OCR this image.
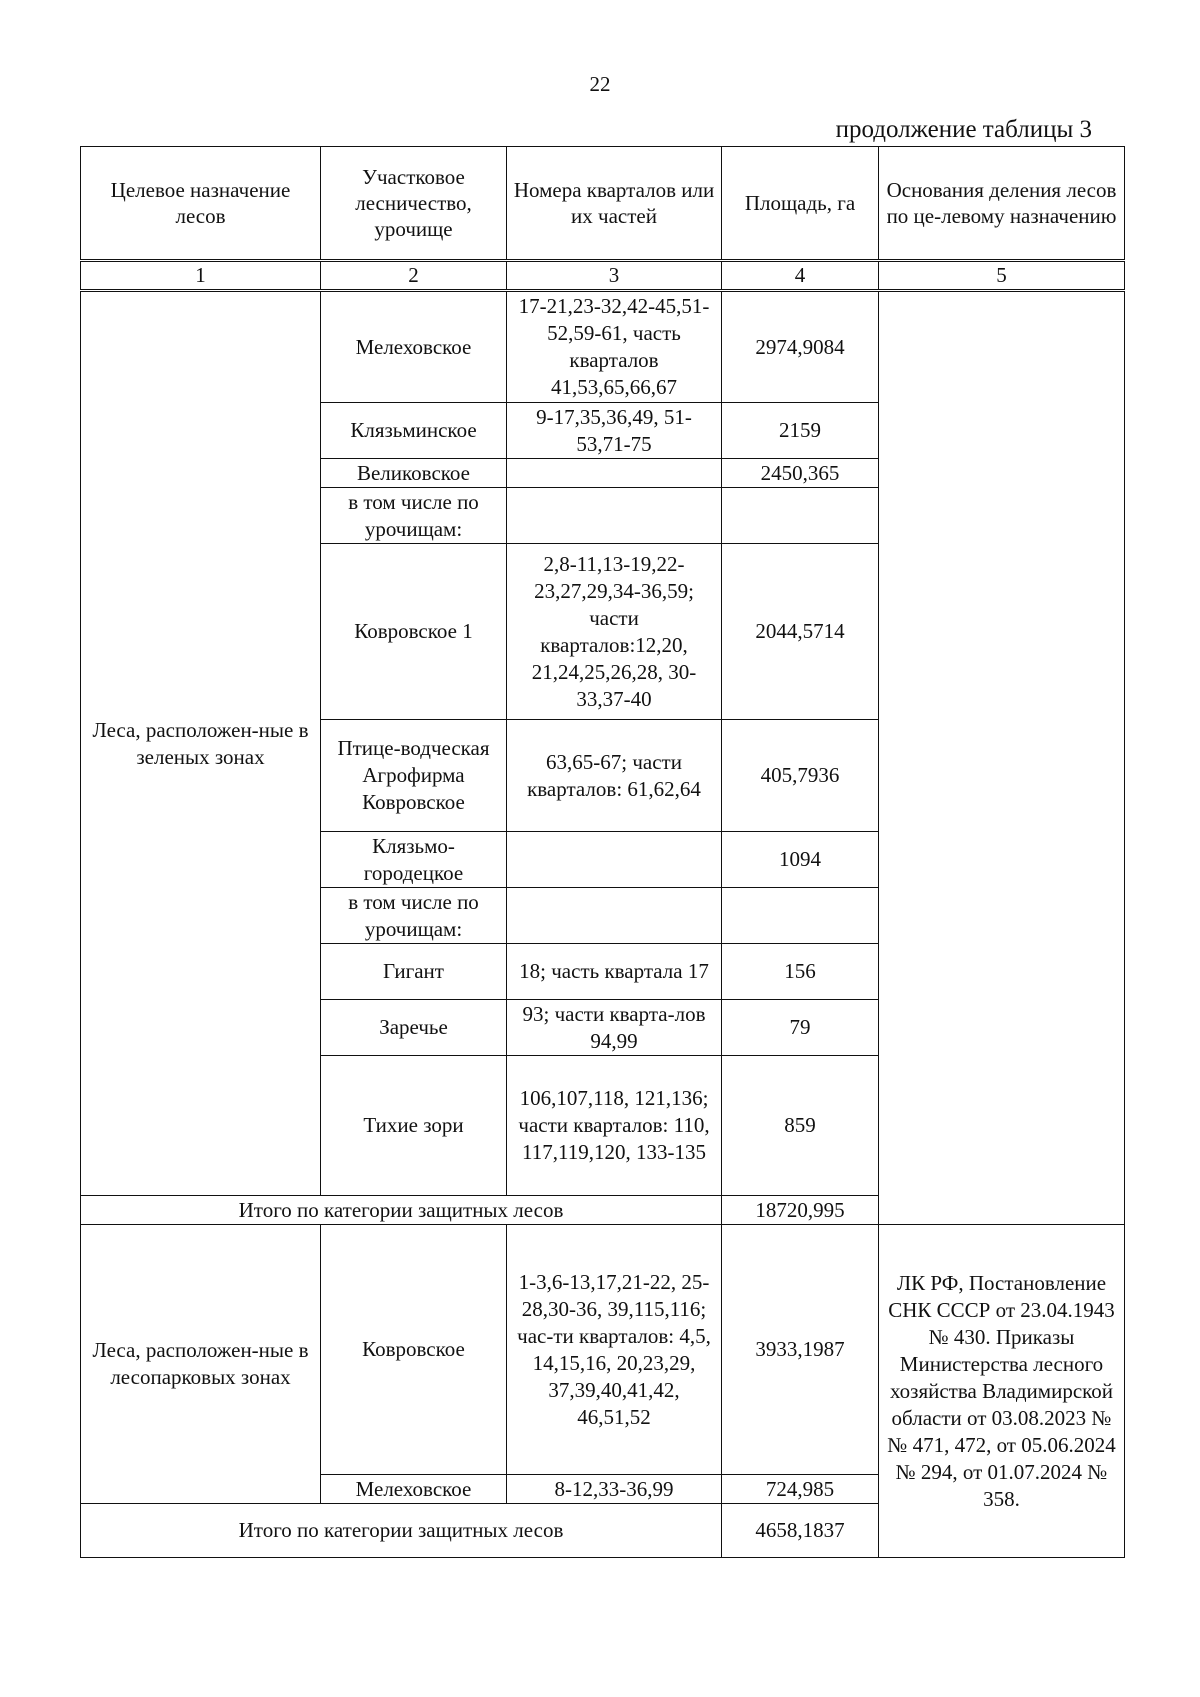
22
продолжение таблицы 3
Целевое назначение лесов	Участковое лесничество, урочище	Номера кварталов или их частей	Площадь, га	Основания деления лесов по це-левому назначению
1	2	3	4	5
Леса, расположен-ные в зеленых зонах	Мелеховское	17-21,23-32,42-45,51-52,59-61, часть кварталов 41,53,65,66,67	2974,9084	
	Клязьминское	9-17,35,36,49, 51-53,71-75	2159	
	Великовское		2450,365	
	в том числе по урочищам:			
	Ковровское 1	2,8-11,13-19,22-23,27,29,34-36,59; части кварталов:12,20, 21,24,25,26,28, 30-33,37-40	2044,5714	
	Птице-водческая Агрофирма Ковровское	63,65-67; части кварталов: 61,62,64	405,7936	
	Клязьмо-городецкое		1094	
	в том числе по урочищам:			
	Гигант	18; часть квартала 17	156	
	Заречье	93; части кварта-лов 94,99	79	
	Тихие зори	106,107,118, 121,136; части кварталов: 110, 117,119,120, 133-135	859	
Итого по категории защитных лесов			18720,995	
Леса, расположен-ные в лесопарковых зонах	Ковровское	1-3,6-13,17,21-22, 25-28,30-36, 39,115,116; час-ти кварталов: 4,5, 14,15,16, 20,23,29, 37,39,40,41,42, 46,51,52	3933,1987	ЛК РФ, Постановление СНК СССР от 23.04.1943 № 430. Приказы Министерства лесного хозяйства Владимирской области от 03.08.2023 №№ 471, 472, от 05.06.2024 № 294, от 01.07.2024 № 358.
	Мелеховское	8-12,33-36,99	724,985	
Итого по категории защитных лесов			4658,1837	
